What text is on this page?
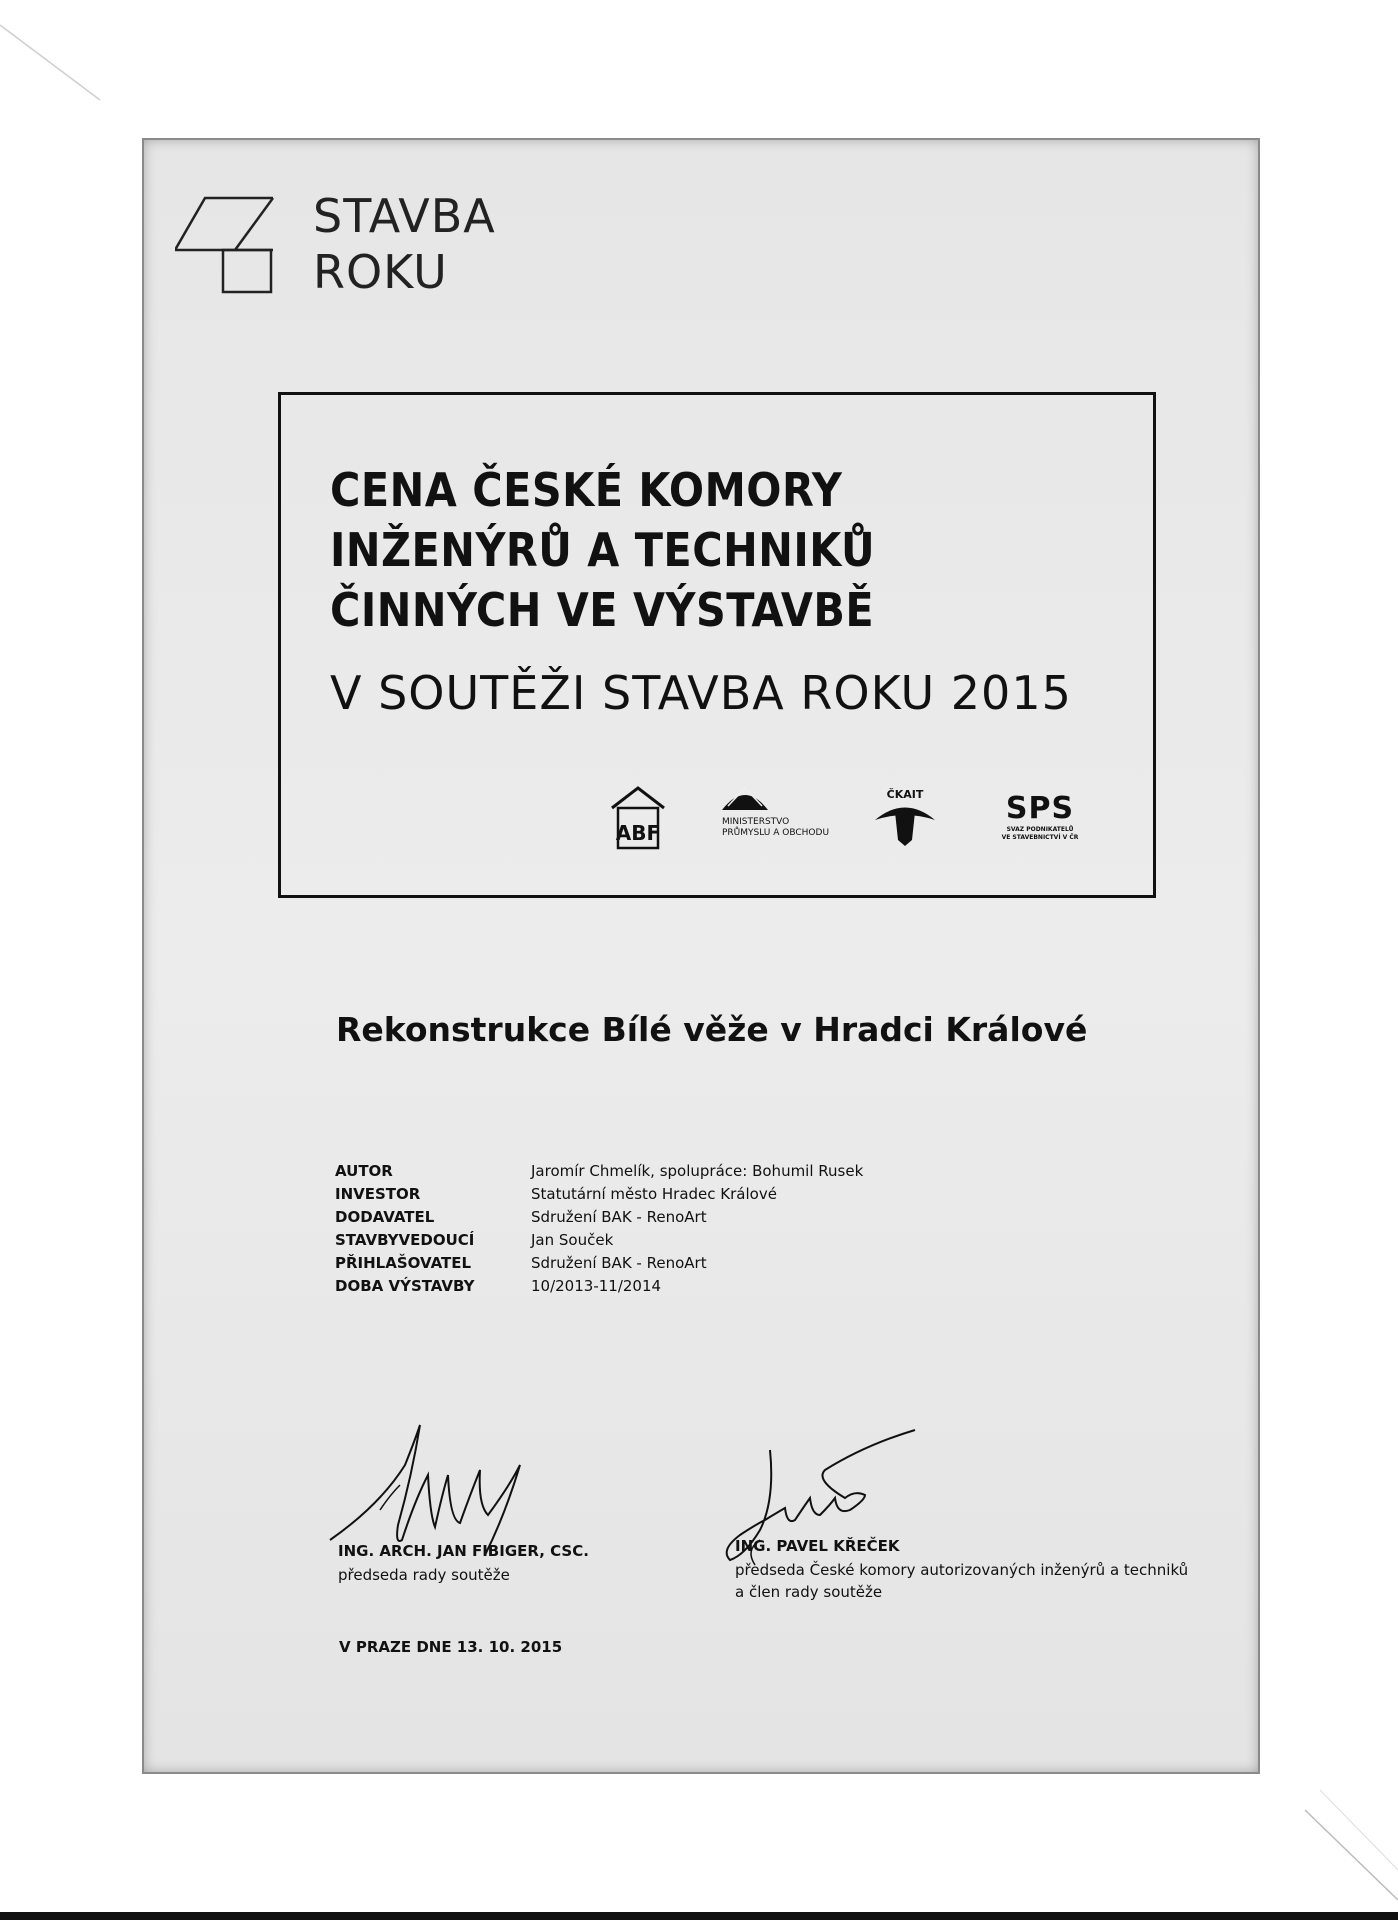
STAVBA
ROKU
CENA ČESKÉ KOMORY
INŽENÝRŮ A TECHNIKŮ
ČINNÝCH VE VÝSTAVBĚ
V SOUTĚŽI STAVBA ROKU 2015
ABF	MINISTERSTVO
PRŮMYSLU A OBCHODU
ČKAIT	SPS
SVAZ PODNIKATELŮ
VE STAVEBNICTVÍ V ČR
Rekonstrukce Bílé věže v Hradci Králové
AUTOR	Jaromír Chmelík, spolupráce: Bohumil Rusek
INVESTOR	Statutární město Hradec Králové
DODAVATEL	Sdružení BAK - RenoArt
STAVBYVEDOUCÍ	Jan Souček
PŘIHLAŠOVATEL	Sdružení BAK - RenoArt
DOBA VÝSTAVBY	10/2013-11/2014
ING. ARCH. JAN FIBIGER, CSC.
předseda rady soutěže
ING. PAVEL KŘEČEK
předseda České komory autorizovaných inženýrů a techniků
a člen rady soutěže
V PRAZE DNE 13. 10. 2015
